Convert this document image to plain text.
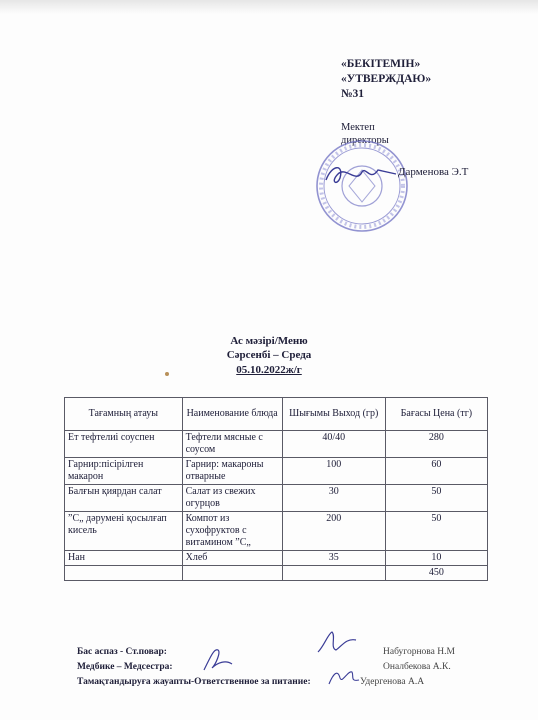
«БЕКІТЕМІН»
«УТВЕРЖДАЮ»
№31
Мектеп
директоры
Дарменова Э.Т
Ас мәзірі/Меню
Сәрсенбі – Среда
05.10.2022ж/г
Тағамның атауы	Наименование блюда	Шығымы Выход (гр)	Бағасы Цена (тг)
Ет тефтелиі соуспен	Тефтели мясные с соусом	40/40	280
Гарнир:пісірілген макарон	Гарнир: макароны отварные	100	60
Балғын қиярдан салат	Салат из свежих огурцов	30	50
”С„ дәрумені қосылғап кисель	Компот из сухофруктов с витамином ”С„	200	50
Нан	Хлеб	35	10
			450
Бас аспаз - Ст.повар:
Медбике – Медсестра:
Тамақтандыруға жауапты-Ответственное за питание:
Набугорнова Н.М
Оналбекова А.К.
Удергенова А.А
